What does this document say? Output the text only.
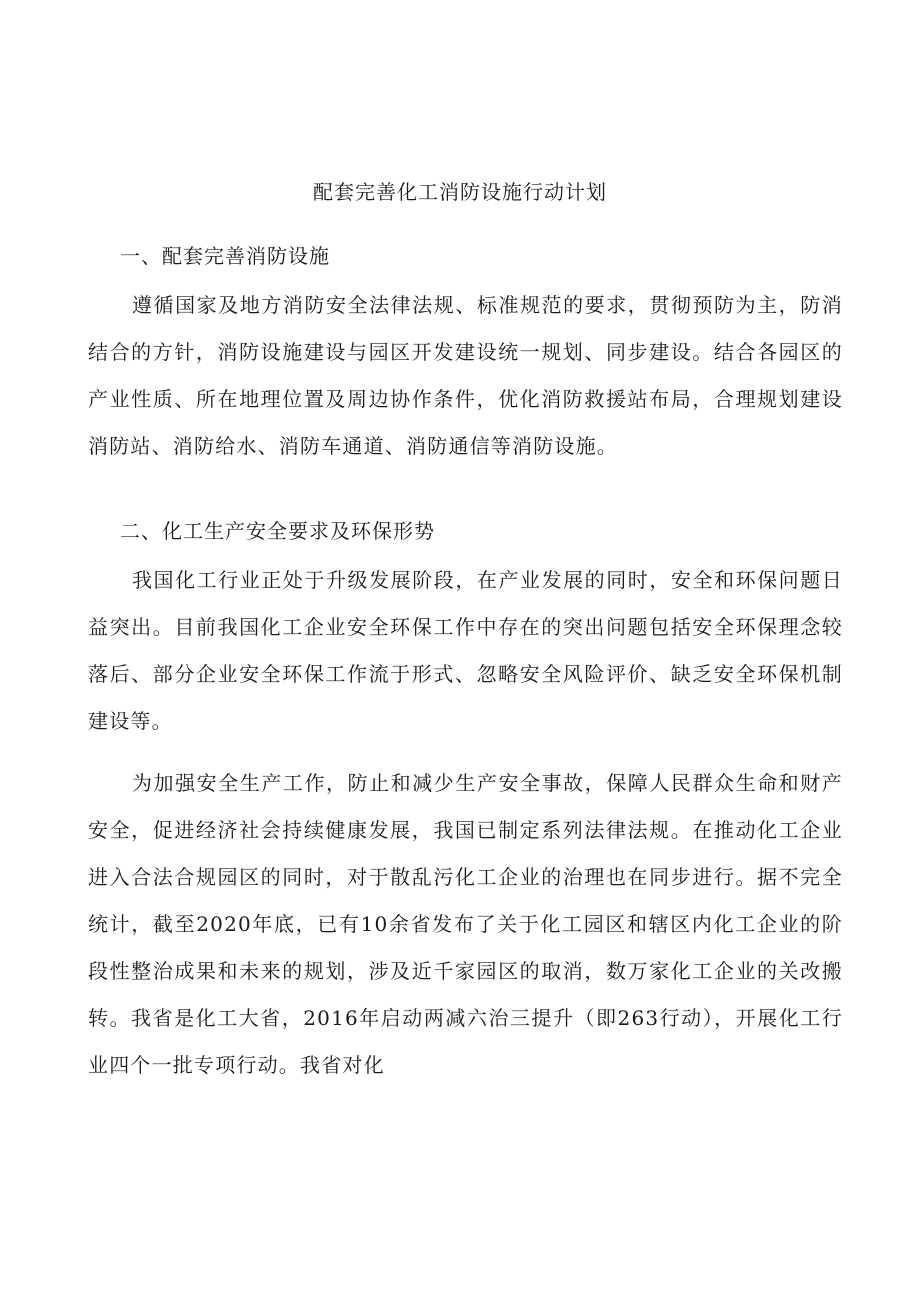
配套完善化工消防设施行动计划
一、配套完善消防设施

遵循国家及地方消防安全法律法规、标准规范的要求，贯彻预防为主，防消结合的方针，消防设施建设与园区开发建设统一规划、同步建设。结合各园区的产业性质、所在地理位置及周边协作条件，优化消防救援站布局，合理规划建设消防站、消防给水、消防车通道、消防通信等消防设施。

二、化工生产安全要求及环保形势

我国化工行业正处于升级发展阶段，在产业发展的同时，安全和环保问题日益突出。目前我国化工企业安全环保工作中存在的突出问题包括安全环保理念较落后、部分企业安全环保工作流于形式、忽略安全风险评价、缺乏安全环保机制建设等。

为加强安全生产工作，防止和减少生产安全事故，保障人民群众生命和财产安全，促进经济社会持续健康发展，我国已制定系列法律法规。在推动化工企业进入合法合规园区的同时，对于散乱污化工企业的治理也在同步进行。据不完全统计，截至2020年底，已有10余省发布了关于化工园区和辖区内化工企业的阶段性整治成果和未来的规划，涉及近千家园区的取消，数万家化工企业的关改搬转。我省是化工大省，2016年启动两减六治三提升（即263行动），开展化工行业四个一批专项行动。我省对化
